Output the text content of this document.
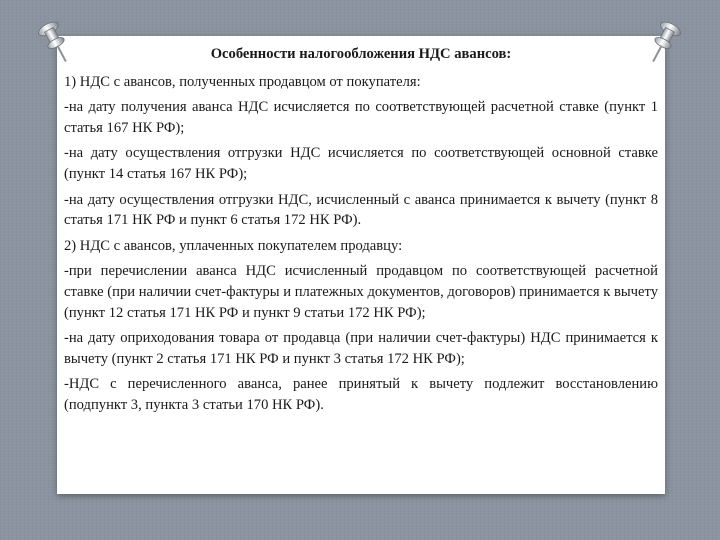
Особенности налогообложения НДС авансов:
1) НДС с авансов, полученных продавцом от покупателя:
-на дату получения аванса НДС исчисляется по соответствующей расчетной ставке (пункт 1 статья 167 НК РФ);
-на дату осуществления отгрузки НДС исчисляется по соответствующей основной ставке (пункт 14 статья 167 НК РФ);
-на дату осуществления отгрузки НДС, исчисленный с аванса принимается к вычету (пункт 8 статья 171 НК РФ и пункт 6 статья 172 НК РФ).
2) НДС с авансов, уплаченных покупателем продавцу:
-при перечислении аванса НДС исчисленный продавцом по соответствующей расчетной ставке (при наличии счет-фактуры и платежных документов, договоров) принимается к вычету (пункт 12 статья 171 НК РФ и пункт 9 статьи 172 НК РФ);
-на дату оприходования товара от продавца (при наличии счет-фактуры) НДС принимается к вычету (пункт 2 статья 171 НК РФ и пункт 3 статья 172 НК РФ);
-НДС с перечисленного аванса, ранее принятый к вычету подлежит восстановлению (подпункт 3, пункта 3 статьи 170 НК РФ).
